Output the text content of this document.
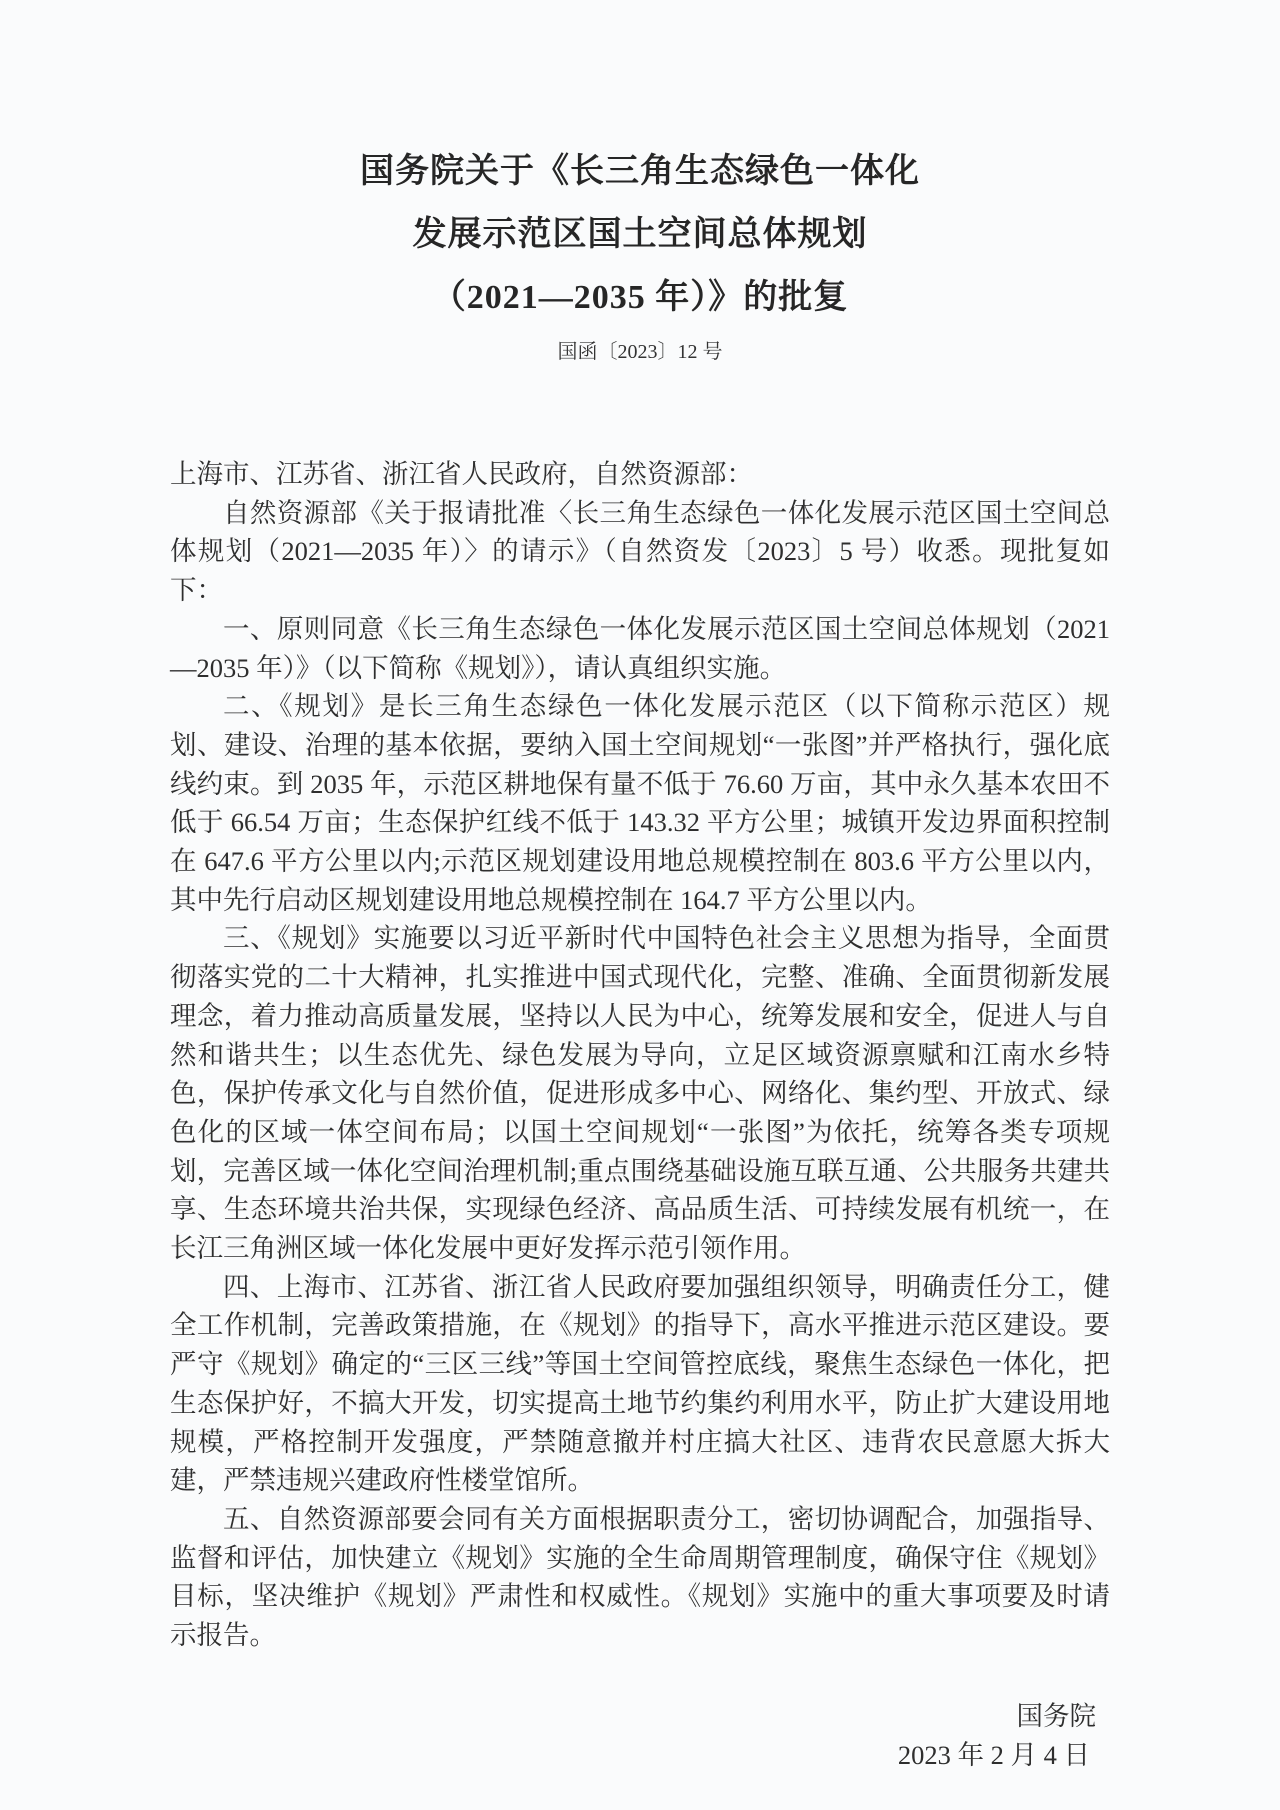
国务院关于《长三角生态绿色一体化
发展示范区国土空间总体规划
（2021—2035 年）》的批复
国函〔2023〕12 号

上海市、江苏省、浙江省人民政府，自然资源部：

自然资源部《关于报请批准〈长三角生态绿色一体化发展示范区国土空间总体规划（2021—2035 年）〉的请示》（自然资发〔2023〕5 号）收悉。现批复如下：

一、原则同意《长三角生态绿色一体化发展示范区国土空间总体规划（2021—2035 年）》（以下简称《规划》），请认真组织实施。

二、《规划》是长三角生态绿色一体化发展示范区（以下简称示范区）规划、建设、治理的基本依据，要纳入国土空间规划“一张图”并严格执行，强化底线约束。到 2035 年，示范区耕地保有量不低于 76.60 万亩，其中永久基本农田不低于 66.54 万亩；生态保护红线不低于 143.32 平方公里；城镇开发边界面积控制在 647.6 平方公里以内;示范区规划建设用地总规模控制在 803.6 平方公里以内，其中先行启动区规划建设用地总规模控制在 164.7 平方公里以内。

三、《规划》实施要以习近平新时代中国特色社会主义思想为指导，全面贯彻落实党的二十大精神，扎实推进中国式现代化，完整、准确、全面贯彻新发展理念，着力推动高质量发展，坚持以人民为中心，统筹发展和安全，促进人与自然和谐共生；以生态优先、绿色发展为导向，立足区域资源禀赋和江南水乡特色，保护传承文化与自然价值，促进形成多中心、网络化、集约型、开放式、绿色化的区域一体空间布局；以国土空间规划“一张图”为依托，统筹各类专项规划，完善区域一体化空间治理机制;重点围绕基础设施互联互通、公共服务共建共享、生态环境共治共保，实现绿色经济、高品质生活、可持续发展有机统一，在长江三角洲区域一体化发展中更好发挥示范引领作用。

四、上海市、江苏省、浙江省人民政府要加强组织领导，明确责任分工，健全工作机制，完善政策措施，在《规划》的指导下，高水平推进示范区建设。要严守《规划》确定的“三区三线”等国土空间管控底线，聚焦生态绿色一体化，把生态保护好，不搞大开发，切实提高土地节约集约利用水平，防止扩大建设用地规模，严格控制开发强度，严禁随意撤并村庄搞大社区、违背农民意愿大拆大建，严禁违规兴建政府性楼堂馆所。

五、自然资源部要会同有关方面根据职责分工，密切协调配合，加强指导、监督和评估，加快建立《规划》实施的全生命周期管理制度，确保守住《规划》目标，坚决维护《规划》严肃性和权威性。《规划》实施中的重大事项要及时请示报告。

国务院
2023 年 2 月 4 日
